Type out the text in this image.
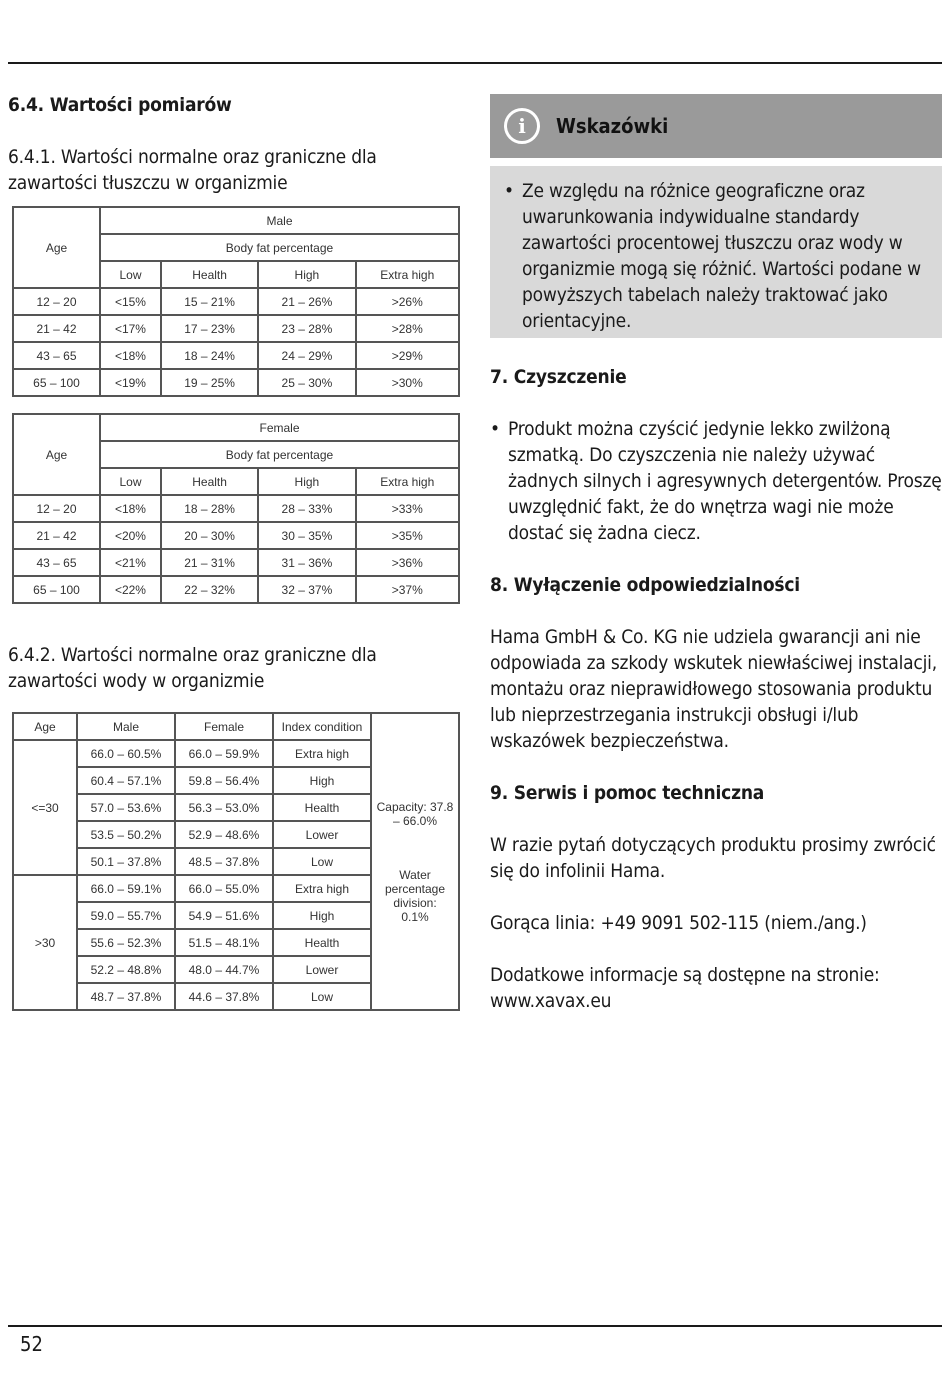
6.4. Wartości pomiarów

6.4.1. Wartości normalne oraz graniczne dla zawartości tłuszczu w organizmie

Age	Male			
	Body fat percentage			
	Low	Health	High	Extra high
12 – 20	<15%	15 – 21%	21 – 26%	>26%
21 – 42	<17%	17 – 23%	23 – 28%	>28%
43 – 65	<18%	18 – 24%	24 – 29%	>29%
65 – 100	<19%	19 – 25%	25 – 30%	>30%
Age	Female			
	Body fat percentage			
	Low	Health	High	Extra high
12 – 20	<18%	18 – 28%	28 – 33%	>33%
21 – 42	<20%	20 – 30%	30 – 35%	>35%
43 – 65	<21%	21 – 31%	31 – 36%	>36%
65 – 100	<22%	22 – 32%	32 – 37%	>37%

6.4.2. Wartości normalne oraz graniczne dla zawartości wody w organizmie

Age	Male	Female	Index condition	Capacity: 37.8 – 66.0%
Water percentage division: 0.1%

<=30	66.0 – 60.5%	66.0 – 59.9%	Extra high	
	60.4 – 57.1%	59.8 – 56.4%	High	
	57.0 – 53.6%	56.3 – 53.0%	Health	
	53.5 – 50.2%	52.9 – 48.6%	Lower	
	50.1 – 37.8%	48.5 – 37.8%	Low	
>30	66.0 – 59.1%	66.0 – 55.0%	Extra high	
	59.0 – 55.7%	54.9 – 51.6%	High	
	55.6 – 52.3%	51.5 – 48.1%	Health	
	52.2 – 48.8%	48.0 – 44.7%	Lower	
	48.7 – 37.8%	44.6 – 37.8%	Low	
i	Wskazówki
• Ze względu na różnice geograficzne oraz uwarunkowania indywidualne standardy zawartości procentowej tłuszczu oraz wody w organizmie mogą się różnić. Wartości podane w powyższych tabelach należy traktować jako orientacyjne.
7. Czyszczenie
• Produkt można czyścić jedynie lekko zwilżoną szmatką. Do czyszczenia nie należy używać żadnych silnych i agresywnych detergentów. Proszę uwzględnić fakt, że do wnętrza wagi nie może dostać się żadna ciecz.
8. Wyłączenie odpowiedzialności

Hama GmbH & Co. KG nie udziela gwarancji ani nie odpowiada za szkody wskutek niewłaściwej instalacji, montażu oraz nieprawidłowego stosowania produktu lub nieprzestrzegania instrukcji obsługi i/lub wskazówek bezpieczeństwa.

9. Serwis i pomoc techniczna

W razie pytań dotyczących produktu prosimy zwrócić się do infolinii Hama.

Gorąca linia: +49 9091 502-115 (niem./ang.)

Dodatkowe informacje są dostępne na stronie:

www.xavax.eu

52
